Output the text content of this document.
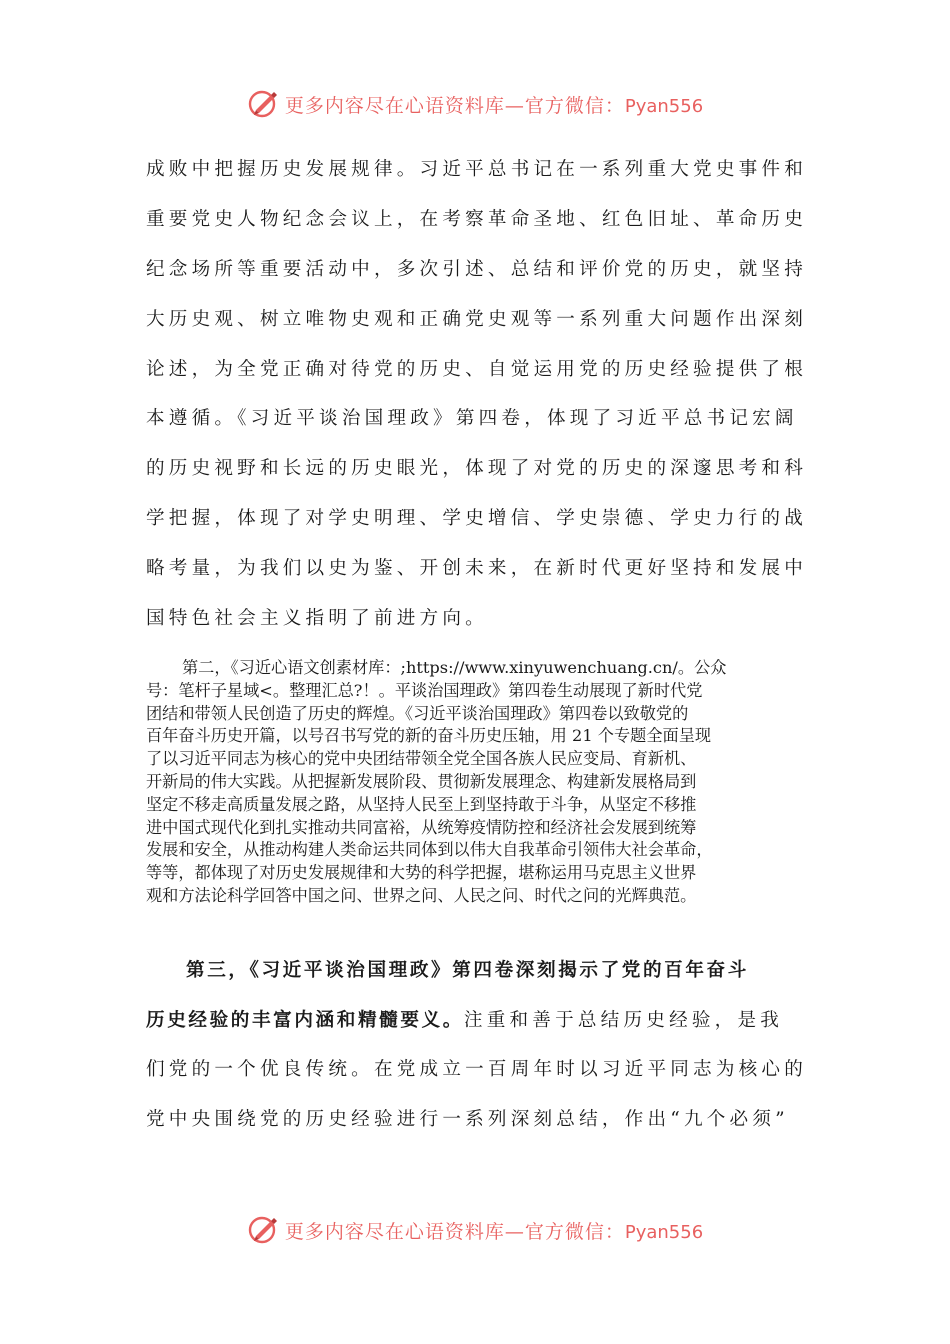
更多内容尽在心语资料库—官方微信：Pyan556
成败中把握历史发展规律。习近平总书记在一系列重大党史事件和
重要党史人物纪念会议上，在考察革命圣地、红色旧址、革命历史
纪念场所等重要活动中，多次引述、总结和评价党的历史，就坚持
大历史观、树立唯物史观和正确党史观等一系列重大问题作出深刻
论述，为全党正确对待党的历史、自觉运用党的历史经验提供了根
本遵循。《习近平谈治国理政》第四卷，体现了习近平总书记宏阔
的历史视野和长远的历史眼光，体现了对党的历史的深邃思考和科
学把握，体现了对学史明理、学史增信、学史崇德、学史力行的战
略考量，为我们以史为鉴、开创未来，在新时代更好坚持和发展中
国特色社会主义指明了前进方向。
第二，《习近心语文创素材库：;https://www.xinyuwenchuang.cn/。公众
号：笔杆子星域<。整理汇总?！。平谈治国理政》第四卷生动展现了新时代党
团结和带领人民创造了历史的辉煌。《习近平谈治国理政》第四卷以致敬党的
百年奋斗历史开篇，以号召书写党的新的奋斗历史压轴，用 21 个专题全面呈现
了以习近平同志为核心的党中央团结带领全党全国各族人民应变局、育新机、
开新局的伟大实践。从把握新发展阶段、贯彻新发展理念、构建新发展格局到
坚定不移走高质量发展之路，从坚持人民至上到坚持敢于斗争，从坚定不移推
进中国式现代化到扎实推动共同富裕，从统筹疫情防控和经济社会发展到统筹
发展和安全，从推动构建人类命运共同体到以伟大自我革命引领伟大社会革命，
等等，都体现了对历史发展规律和大势的科学把握，堪称运用马克思主义世界
观和方法论科学回答中国之问、世界之问、人民之问、时代之问的光辉典范。
第三，《习近平谈治国理政》第四卷深刻揭示了党的百年奋斗
历史经验的丰富内涵和精髓要义。注重和善于总结历史经验，是我
们党的一个优良传统。在党成立一百周年时以习近平同志为核心的
党中央围绕党的历史经验进行一系列深刻总结，作出“九个必须”
更多内容尽在心语资料库—官方微信：Pyan556
